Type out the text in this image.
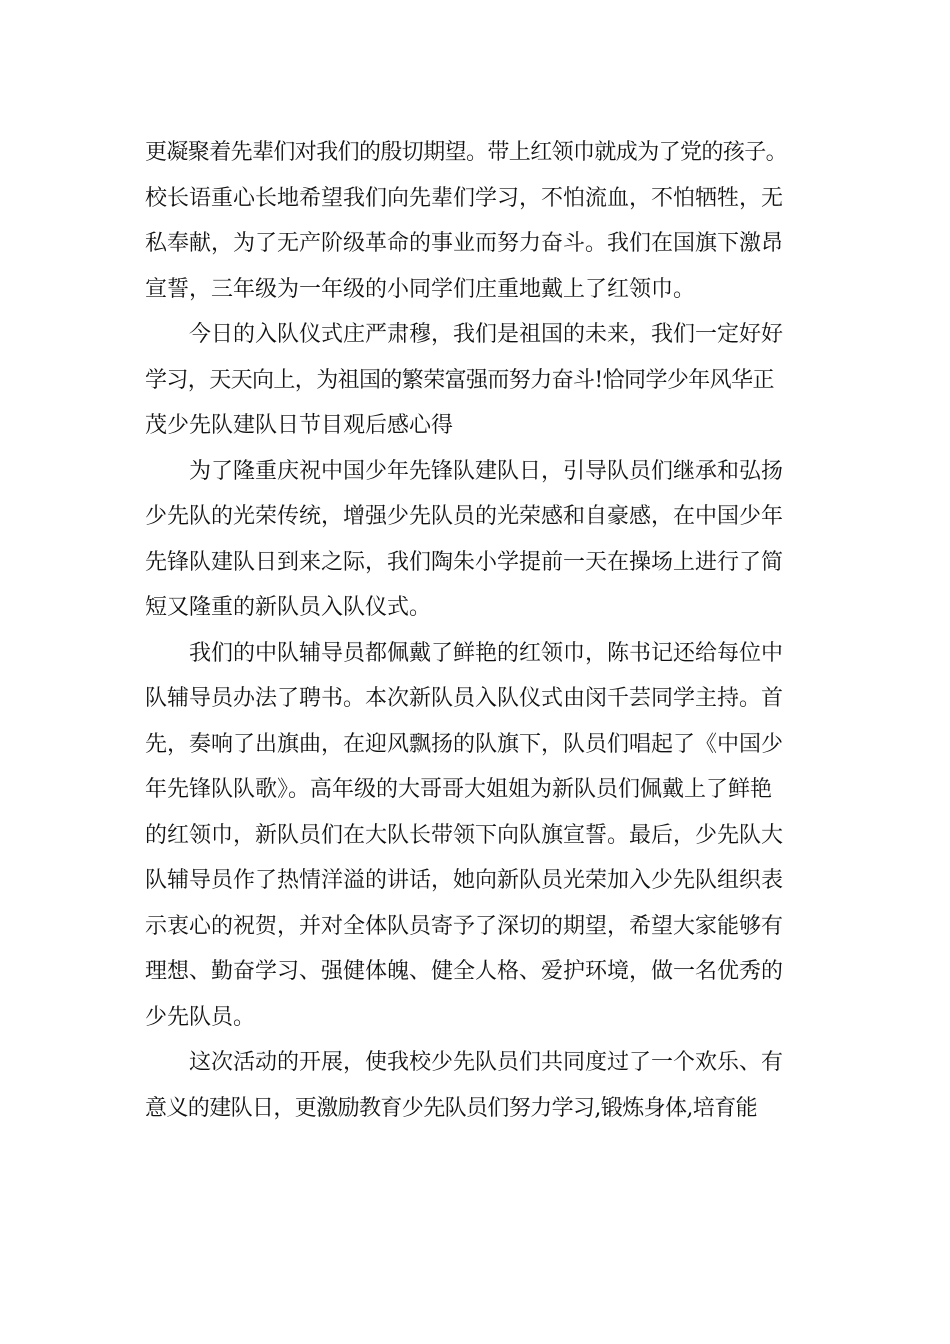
更凝聚着先辈们对我们的殷切期望。带上红领巾就成为了党的孩子。
校长语重心长地希望我们向先辈们学习，不怕流血，不怕牺牲，无
私奉献，为了无产阶级革命的事业而努力奋斗。我们在国旗下激昂
宣誓，三年级为一年级的小同学们庄重地戴上了红领巾。
今日的入队仪式庄严肃穆，我们是祖国的未来，我们一定好好
学习，天天向上，为祖国的繁荣富强而努力奋斗!恰同学少年风华正
茂少先队建队日节目观后感心得
为了隆重庆祝中国少年先锋队建队日，引导队员们继承和弘扬
少先队的光荣传统，增强少先队员的光荣感和自豪感，在中国少年
先锋队建队日到来之际，我们陶朱小学提前一天在操场上进行了简
短又隆重的新队员入队仪式。
我们的中队辅导员都佩戴了鲜艳的红领巾，陈书记还给每位中
队辅导员办法了聘书。本次新队员入队仪式由闵千芸同学主持。首
先，奏响了出旗曲，在迎风飘扬的队旗下，队员们唱起了《中国少
年先锋队队歌》。高年级的大哥哥大姐姐为新队员们佩戴上了鲜艳
的红领巾，新队员们在大队长带领下向队旗宣誓。最后，少先队大
队辅导员作了热情洋溢的讲话，她向新队员光荣加入少先队组织表
示衷心的祝贺，并对全体队员寄予了深切的期望，希望大家能够有
理想、勤奋学习、强健体魄、健全人格、爱护环境，做一名优秀的
少先队员。
这次活动的开展，使我校少先队员们共同度过了一个欢乐、有
意义的建队日，更激励教育少先队员们努力学习,锻炼身体,培育能
